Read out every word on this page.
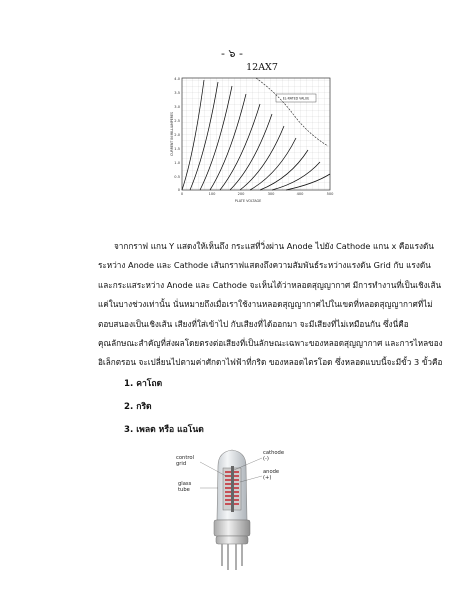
- ๖ -
12AX7
4.0
3.5
3.0
2.5
2.0
1.5
1.0
0.5
0
0	100	200	300	400	500
PLATE VOLTAGE
CURRENT IN MILLIAMPERES
EL-RATED VALUE

จากกราฟ แกน Y แสดงให้เห็นถึง กระแสที่วิ่งผ่าน Anode ไปยัง Cathode แกน x คือแรงดัน
ระหว่าง Anode และ Cathode เส้นกราฟแสดงถึงความสัมพันธ์ระหว่างแรงดัน Grid กับ แรงดัน
และกระแสระหว่าง Anode และ Cathode จะเห็นได้ว่าหลอดสุญญากาศ มีการทำงานที่เป็นเชิงเส้น
แค่ในบางช่วงเท่านั้น นั่นหมายถึงเมื่อเราใช้งานหลอดสุญญากาศไปในเขตที่หลอดสุญญากาศที่ไม่
ตอบสนองเป็นเชิงเส้น เสียงที่ใส่เข้าไป กับเสียงที่ได้ออกมา จะมีเสียงที่ไม่เหมือนกัน ซึ่งนี่คือ
คุณลักษณะสำคัญที่ส่งผลโดยตรงต่อเสียงที่เป็นลักษณะเฉพาะของหลอดสุญญากาศ และการไหลของ
อิเล็กตรอน จะเปลี่ยนไปตามค่าศักดาไฟฟ้าที่กริด ของหลอดไตรโอด ซึ่งหลอดแบบนี้จะมีขั้ว 3 ขั้วคือ

1. คาโถด
2. กริด
3. เพลต หรือ แอโนด
control
grid
glass
tube
cathode
(-)
anode
(+)
